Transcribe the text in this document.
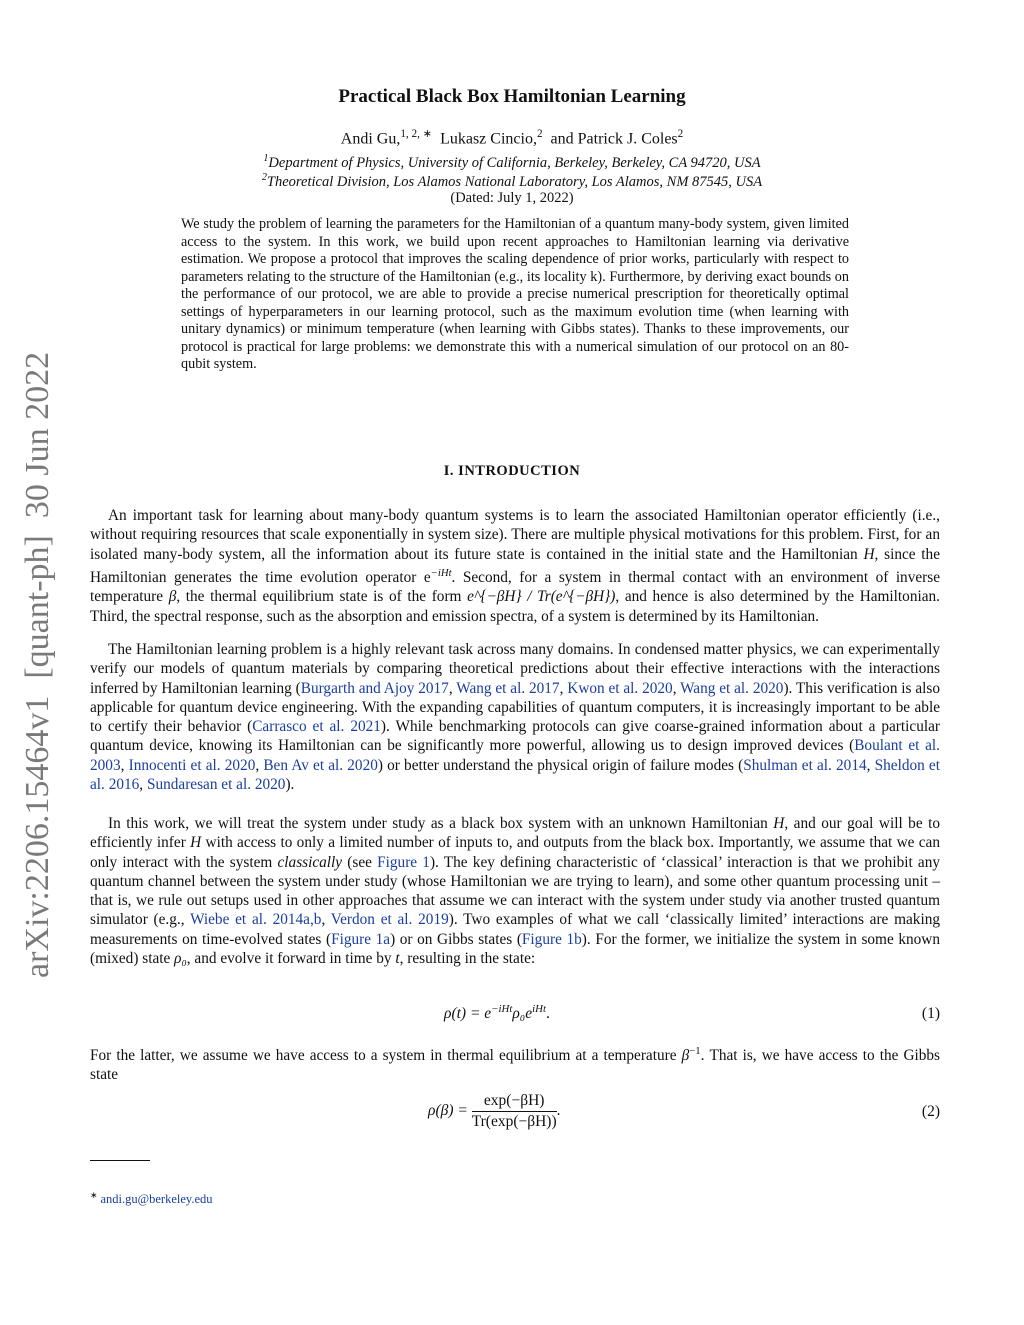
arXiv:2206.15464v1  [quant-ph]  30 Jun 2022
Practical Black Box Hamiltonian Learning
Andi Gu,$^{1, 2, ∗}$ Lukasz Cincio,$^2$ and Patrick J. Coles$^2$
$^1$Department of Physics, University of California, Berkeley, Berkeley, CA 94720, USA
$^2$Theoretical Division, Los Alamos National Laboratory, Los Alamos, NM 87545, USA
(Dated: July 1, 2022)
We study the problem of learning the parameters for the Hamiltonian of a quantum many-body system, given limited access to the system. In this work, we build upon recent approaches to Hamiltonian learning via derivative estimation. We propose a protocol that improves the scaling dependence of prior works, particularly with respect to parameters relating to the structure of the Hamiltonian (e.g., its locality k). Furthermore, by deriving exact bounds on the performance of our protocol, we are able to provide a precise numerical prescription for theoretically optimal settings of hyperparameters in our learning protocol, such as the maximum evolution time (when learning with unitary dynamics) or minimum temperature (when learning with Gibbs states). Thanks to these improvements, our protocol is practical for large problems: we demonstrate this with a numerical simulation of our protocol on an 80-qubit system.
I. INTRODUCTION

An important task for learning about many-body quantum systems is to learn the associated Hamiltonian operator efficiently (i.e., without requiring resources that scale exponentially in system size). There are multiple physical motivations for this problem. First, for an isolated many-body system, all the information about its future state is contained in the initial state and the Hamiltonian H, since the Hamiltonian generates the time evolution operator $e^{-iHt}$. Second, for a system in thermal contact with an environment of inverse temperature β, the thermal equilibrium state is of the form e^{−βH} / Tr(e^{−βH}), and hence is also determined by the Hamiltonian. Third, the spectral response, such as the absorption and emission spectra, of a system is determined by its Hamiltonian.

The Hamiltonian learning problem is a highly relevant task across many domains. In condensed matter physics, we can experimentally verify our models of quantum materials by comparing theoretical predictions about their effective interactions with the interactions inferred by Hamiltonian learning (Burgarth and Ajoy 2017, Wang et al. 2017, Kwon et al. 2020, Wang et al. 2020). This verification is also applicable for quantum device engineering. With the expanding capabilities of quantum computers, it is increasingly important to be able to certify their behavior (Carrasco et al. 2021). While benchmarking protocols can give coarse-grained information about a particular quantum device, knowing its Hamiltonian can be significantly more powerful, allowing us to design improved devices (Boulant et al. 2003, Innocenti et al. 2020, Ben Av et al. 2020) or better understand the physical origin of failure modes (Shulman et al. 2014, Sheldon et al. 2016, Sundaresan et al. 2020).

In this work, we will treat the system under study as a black box system with an unknown Hamiltonian H, and our goal will be to efficiently infer H with access to only a limited number of inputs to, and outputs from the black box. Importantly, we assume that we can only interact with the system classically (see Figure 1). The key defining characteristic of ‘classical’ interaction is that we prohibit any quantum channel between the system under study (whose Hamiltonian we are trying to learn), and some other quantum processing unit – that is, we rule out setups used in other approaches that assume we can interact with the system under study via another trusted quantum simulator (e.g., Wiebe et al. 2014a,b, Verdon et al. 2019). Two examples of what we call ‘classically limited’ interactions are making measurements on time-evolved states (Figure 1a) or on Gibbs states (Figure 1b). For the former, we initialize the system in some known (mixed) state ρ₀, and evolve it forward in time by t, resulting in the state:

$\rho(t) = e^{-iHt}\rho_0e^{iHt}$.	(1)

For the latter, we assume we have access to a system in thermal equilibrium at a temperature $\beta^{-1}$. That is, we have access to the Gibbs state

$\rho(\beta) = \frac{\exp(-\beta H)}{Tr(\exp(-\beta H))}$ .	(2)
∗ andi.gu@berkeley.edu
